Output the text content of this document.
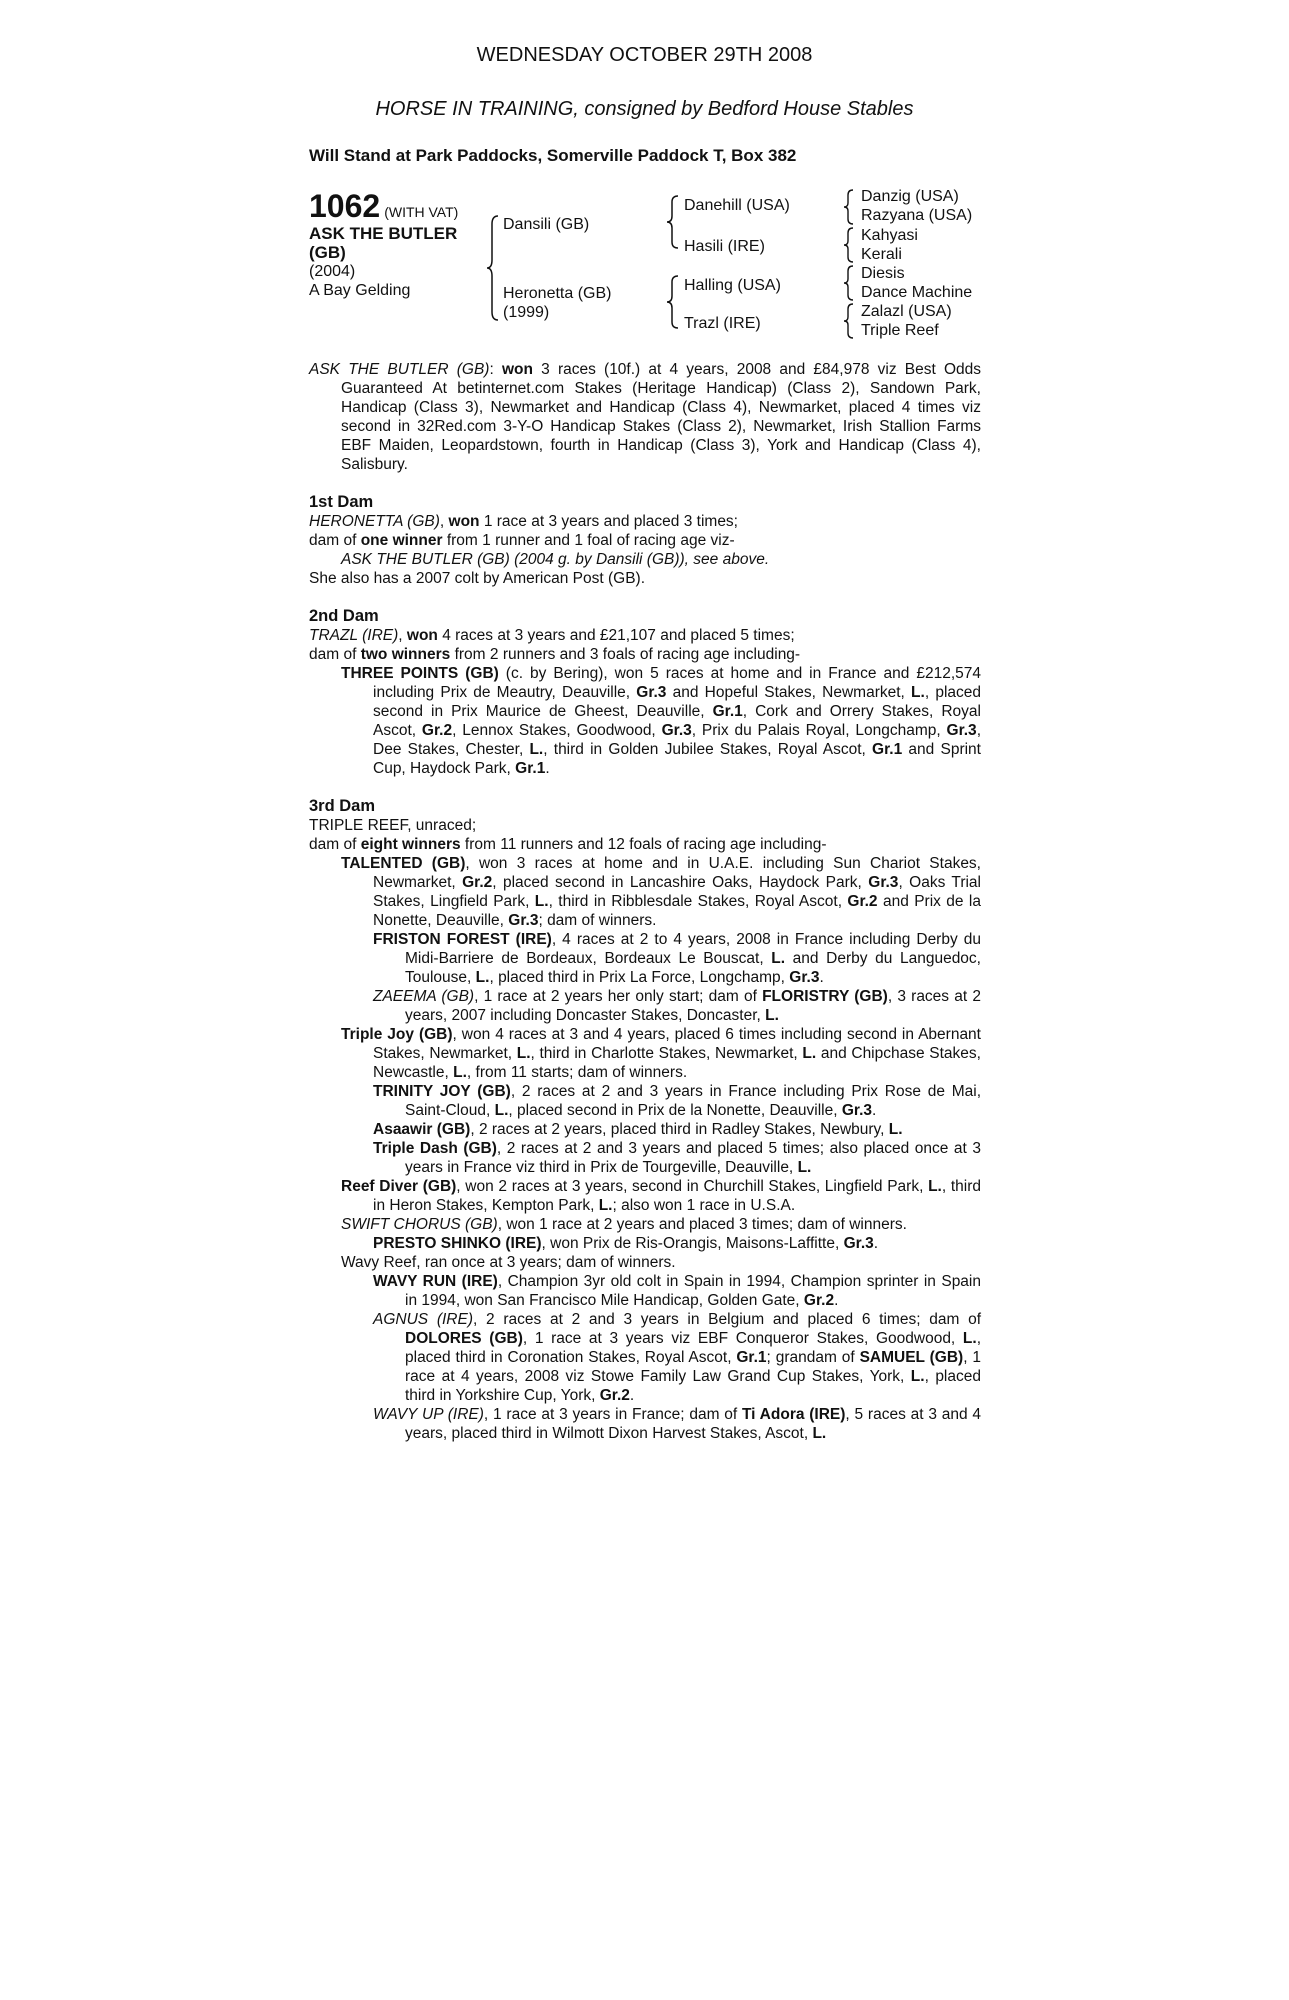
WEDNESDAY OCTOBER 29TH 2008
HORSE IN TRAINING, consigned by Bedford House Stables
Will Stand at Park Paddocks, Somerville Paddock T, Box 382
1062 (WITH VAT)
ASK THE BUTLER
(GB)
(2004)
A Bay Gelding
Dansili (GB)
Heronetta (GB)
(1999)
Danehill (USA)
Hasili (IRE)
Halling (USA)
Trazl (IRE)
Danzig (USA)
Razyana (USA)
Kahyasi
Kerali
Diesis
Dance Machine
Zalazl (USA)
Triple Reef

ASK THE BUTLER (GB): won 3 races (10f.) at 4 years, 2008 and £84,978 viz Best Odds Guaranteed At betinternet.com Stakes (Heritage Handicap) (Class 2), Sandown Park, Handicap (Class 3), Newmarket and Handicap (Class 4), Newmarket, placed 4 times viz second in 32Red.com 3-Y-O Handicap Stakes (Class 2), Newmarket, Irish Stallion Farms EBF Maiden, Leopardstown, fourth in Handicap (Class 3), York and Handicap (Class 4), Salisbury.

1st Dam

HERONETTA (GB), won 1 race at 3 years and placed 3 times;

dam of one winner from 1 runner and 1 foal of racing age viz-

ASK THE BUTLER (GB) (2004 g. by Dansili (GB)), see above.

She also has a 2007 colt by American Post (GB).

2nd Dam

TRAZL (IRE), won 4 races at 3 years and £21,107 and placed 5 times;

dam of two winners from 2 runners and 3 foals of racing age including-

THREE POINTS (GB) (c. by Bering), won 5 races at home and in France and £212,574 including Prix de Meautry, Deauville, Gr.3 and Hopeful Stakes, Newmarket, L., placed second in Prix Maurice de Gheest, Deauville, Gr.1, Cork and Orrery Stakes, Royal Ascot, Gr.2, Lennox Stakes, Goodwood, Gr.3, Prix du Palais Royal, Longchamp, Gr.3, Dee Stakes, Chester, L., third in Golden Jubilee Stakes, Royal Ascot, Gr.1 and Sprint Cup, Haydock Park, Gr.1.

3rd Dam

TRIPLE REEF, unraced;

dam of eight winners from 11 runners and 12 foals of racing age including-

TALENTED (GB), won 3 races at home and in U.A.E. including Sun Chariot Stakes, Newmarket, Gr.2, placed second in Lancashire Oaks, Haydock Park, Gr.3, Oaks Trial Stakes, Lingfield Park, L., third in Ribblesdale Stakes, Royal Ascot, Gr.2 and Prix de la Nonette, Deauville, Gr.3; dam of winners.

FRISTON FOREST (IRE), 4 races at 2 to 4 years, 2008 in France including Derby du Midi-Barriere de Bordeaux, Bordeaux Le Bouscat, L. and Derby du Languedoc, Toulouse, L., placed third in Prix La Force, Longchamp, Gr.3.

ZAEEMA (GB), 1 race at 2 years her only start; dam of FLORISTRY (GB), 3 races at 2 years, 2007 including Doncaster Stakes, Doncaster, L.

Triple Joy (GB), won 4 races at 3 and 4 years, placed 6 times including second in Abernant Stakes, Newmarket, L., third in Charlotte Stakes, Newmarket, L. and Chipchase Stakes, Newcastle, L., from 11 starts; dam of winners.

TRINITY JOY (GB), 2 races at 2 and 3 years in France including Prix Rose de Mai, Saint-Cloud, L., placed second in Prix de la Nonette, Deauville, Gr.3.

Asaawir (GB), 2 races at 2 years, placed third in Radley Stakes, Newbury, L.

Triple Dash (GB), 2 races at 2 and 3 years and placed 5 times; also placed once at 3 years in France viz third in Prix de Tourgeville, Deauville, L.

Reef Diver (GB), won 2 races at 3 years, second in Churchill Stakes, Lingfield Park, L., third in Heron Stakes, Kempton Park, L.; also won 1 race in U.S.A.

SWIFT CHORUS (GB), won 1 race at 2 years and placed 3 times; dam of winners.

PRESTO SHINKO (IRE), won Prix de Ris-Orangis, Maisons-Laffitte, Gr.3.

Wavy Reef, ran once at 3 years; dam of winners.

WAVY RUN (IRE), Champion 3yr old colt in Spain in 1994, Champion sprinter in Spain in 1994, won San Francisco Mile Handicap, Golden Gate, Gr.2.

AGNUS (IRE), 2 races at 2 and 3 years in Belgium and placed 6 times; dam of DOLORES (GB), 1 race at 3 years viz EBF Conqueror Stakes, Goodwood, L., placed third in Coronation Stakes, Royal Ascot, Gr.1; grandam of SAMUEL (GB), 1 race at 4 years, 2008 viz Stowe Family Law Grand Cup Stakes, York, L., placed third in Yorkshire Cup, York, Gr.2.

WAVY UP (IRE), 1 race at 3 years in France; dam of Ti Adora (IRE), 5 races at 3 and 4 years, placed third in Wilmott Dixon Harvest Stakes, Ascot, L.
